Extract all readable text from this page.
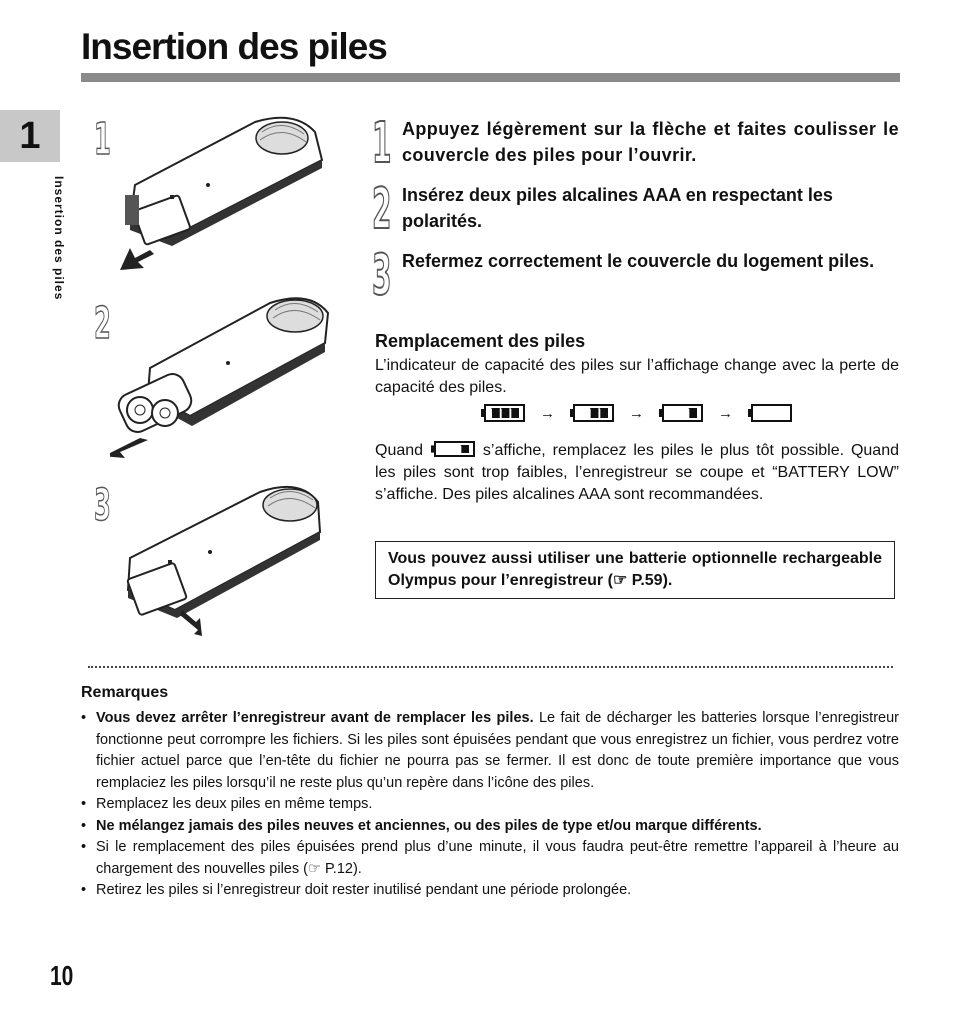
Insertion des piles
1
Insertion des piles
1
2
3
1 Appuyez légèrement sur la flèche et faites coulisser le couvercle des piles pour l’ouvrir.
2 Insérez deux piles alcalines AAA en respectant les polarités.
3 Refermez correctement le couvercle du logement piles.
Remplacement des piles
L’indicateur de capacité des piles sur l’affichage change avec la perte de capacité des piles.
→	→	→
Quand	s’affiche, remplacez les piles le plus tôt possible. Quand les piles sont trop faibles, l’enregistreur se coupe et “BATTERY LOW” s’affiche. Des piles alcalines AAA sont recommandées.
Vous pouvez aussi utiliser une batterie optionnelle rechargeable Olympus pour l’enregistreur (☞ P.59).
Remarques
• Vous devez arrêter l’enregistreur avant de remplacer les piles. Le fait de décharger les batteries lorsque l’enregistreur fonctionne peut corrompre les fichiers. Si les piles sont épuisées pendant que vous enregistrez un fichier, vous perdrez votre fichier actuel parce que l’en-tête du fichier ne pourra pas se fermer. Il est donc de toute première importance que vous remplaciez les piles lorsqu’il ne reste plus qu’un repère dans l’icône des piles.
• Remplacez les deux piles en même temps.
• Ne mélangez jamais des piles neuves et anciennes, ou des piles de type et/ou marque différents.
• Si le remplacement des piles épuisées prend plus d’une minute, il vous faudra peut-être remettre l’appareil à l’heure au chargement des nouvelles piles (☞ P.12).
• Retirez les piles si l’enregistreur doit rester inutilisé pendant une période prolongée.
10
